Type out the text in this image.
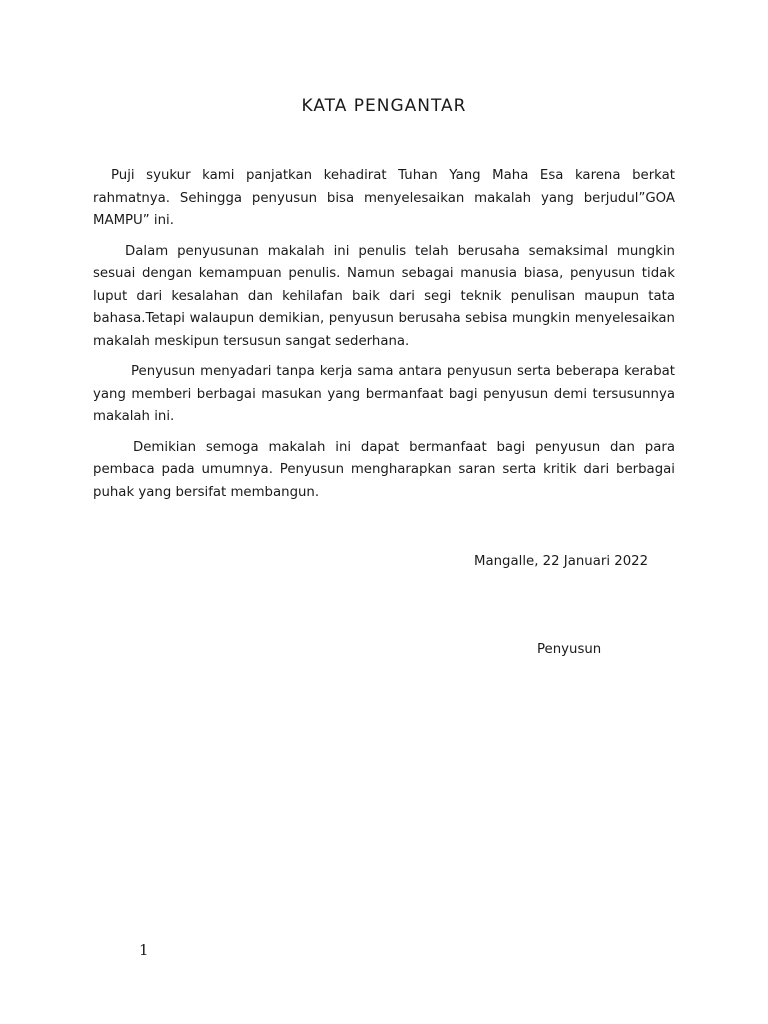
KATA PENGANTAR

Puji syukur kami panjatkan kehadirat Tuhan Yang Maha Esa karena berkat rahmatnya. Sehingga penyusun bisa menyelesaikan makalah yang berjudul”GOA MAMPU” ini.

Dalam penyusunan makalah ini penulis telah berusaha semaksimal mungkin sesuai dengan kemampuan penulis. Namun sebagai manusia biasa, penyusun tidak luput dari kesalahan dan kehilafan baik dari segi teknik penulisan maupun tata bahasa.Tetapi walaupun demikian, penyusun berusaha sebisa mungkin menyelesaikan makalah meskipun tersusun sangat sederhana.

Penyusun menyadari tanpa kerja sama antara penyusun serta beberapa kerabat yang memberi berbagai masukan yang bermanfaat bagi penyusun demi tersusunnya makalah ini.

Demikian semoga makalah ini dapat bermanfaat bagi penyusun dan para pembaca pada umumnya. Penyusun mengharapkan saran serta kritik dari berbagai puhak yang bersifat membangun.

Mangalle, 22 Januari 2022
Penyusun
1
